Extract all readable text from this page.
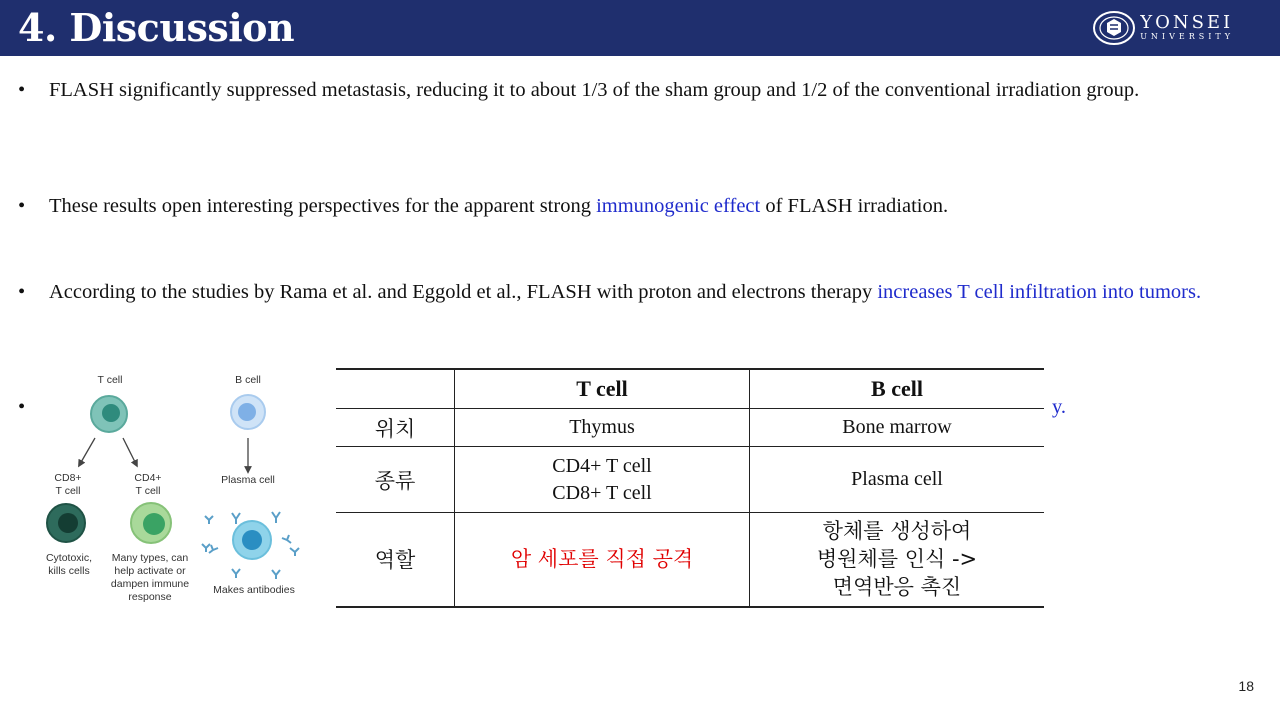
4. Discussion	YONSEI
UNIVERSITY
•	FLASH significantly suppressed metastasis, reducing it to about 1/3 of the sham group and 1/2 of the conventional irradiation group.
•	These results open interesting perspectives for the apparent strong immunogenic effect of FLASH irradiation.
•	According to the studies by Rama et al. and Eggold et al., FLASH with proton and electrons therapy increases T cell infiltration into tumors.
•	y.
T cell	B cell
CD8+
T cell
CD4+
T cell
Plasma cell
Cytotoxic,
kills cells
Many types, can
help activate or
dampen immune
response
Makes antibodies
	T cell	B cell
위치	Thymus	Bone marrow
종류	CD4+ T cell
CD8+ T cell	Plasma cell
역할	암 세포를 직접 공격	항체를 생성하여
병원체를 인식 ->
면역반응 촉진
18
